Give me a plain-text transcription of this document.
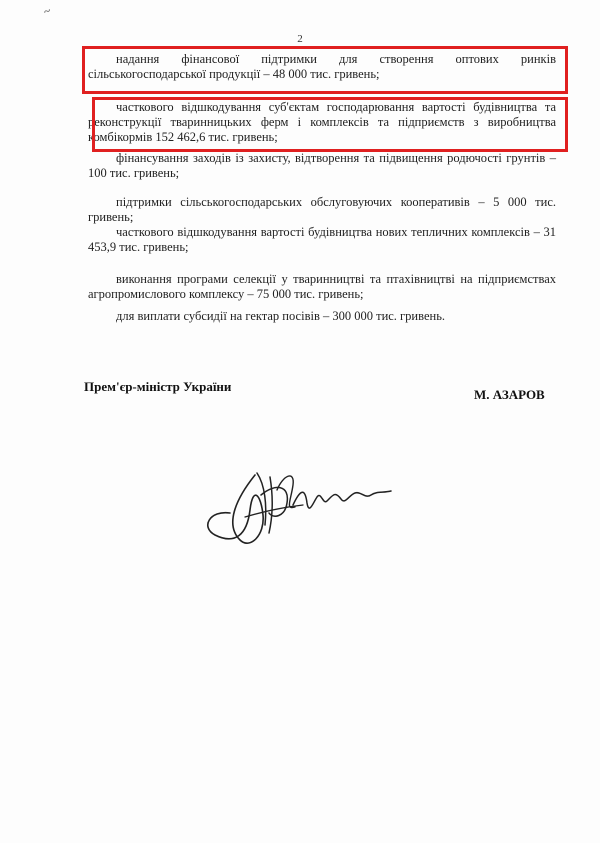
~
2
надання фінансової підтримки для створення оптових ринків сільськогосподарської продукції – 48 000 тис. гривень;
часткового відшкодування суб'єктам господарювання вартості будівництва та реконструкції тваринницьких ферм і комплексів та підприємств з виробництва комбікормів 152 462,6 тис. гривень;
фінансування заходів із захисту, відтворення та підвищення родючості грунтів – 100 тис. гривень;
підтримки сільськогосподарських обслуговуючих кооперативів – 5 000 тис. гривень;
часткового відшкодування вартості будівництва нових тепличних комплексів – 31 453,9 тис. гривень;
виконання програми селекції у тваринництві та птахівництві на підприємствах агропромислового комплексу – 75 000 тис. гривень;
для виплати субсидії на гектар посівів – 300 000 тис. гривень.
Прем'єр-міністр України
М. АЗАРОВ
